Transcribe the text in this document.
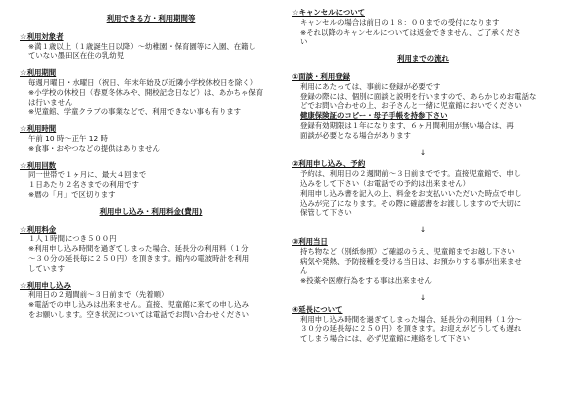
利用できる方・利用期間等
☆利用対象者
※満１歳以上（１歳誕生日以降）～幼稚園・保育園等に入園、在籍し
ていない墨田区在住の乳幼児
☆利用期間
毎週月曜日・水曜日（祝日、年末年始及び近隣小学校休校日を除く）
※小学校の休校日（春夏冬休みや、開校記念日など）は、あかちゃ保育
は行いません
※児童館、学童クラブの事業などで、利用できない事も有ります
☆利用時間
午前 10 時～正午 12 時
※食事・おやつなどの提供はありません
☆利用回数
同一世帯で１ヶ月に、最大４回まで
１日あたり２名さまでの利用です
※暦の「月」で区切ります
利用申し込み・利用料金(費用)
☆利用料金
１人１時間につき５００円
※利用申し込み時間を過ぎてしまった場合、延長分の利用料（１分
～３０分の延長毎に２５０円）を頂きます。館内の電波時計を利用
しています
☆利用申し込み
利用日の２週間前～３日前まで（先着順）
※電話での申し込みは出来ません。直接、児童館に来ての申し込み
をお願いします。空き状況については電話でお問い合わせください
☆キャンセルについて
キャンセルの場合は前日の１８：００までの受付になります
※それ以降のキャンセルについては返金できません、ご了承くださ
い
利用までの流れ
①面談・利用登録
利用にあたっては、事前に登録が必要です
登録の際には、個別に面談と説明を行いますので、あらかじめお電話な
どでお問い合わせの上、お子さんと一緒に児童館においでください
健康保険証のコピー・母子手帳を持参下さい
登録有効期限は１年になります、６ヶ月間利用が無い場合は、再
面談が必要となる場合があります
↓
②利用申し込み、予約
予約は、利用日の２週間前～３日前までです。直接児童館で、申し
込みをして下さい（お電話での予約は出来ません）
利用申し込み書を記入の上、料金をお支払いいただいた時点で申し
込みが完了になります。その際に確認書をお渡ししますので大切に
保管して下さい
↓
③利用当日
持ち物など（別紙参照）ご確認のうえ、児童館までお越し下さい
病気や発熱、予防接種を受ける当日は、お預かりする事が出来ませ
ん
※投薬や医療行為をする事は出来ません
↓
④延長について
利用申し込み時間を過ぎてしまった場合、延長分の利用料（１分～
３０分の延長毎に２５０円）を頂きます。お迎えがどうしても遅れ
てしまう場合には、必ず児童館に連絡をして下さい
